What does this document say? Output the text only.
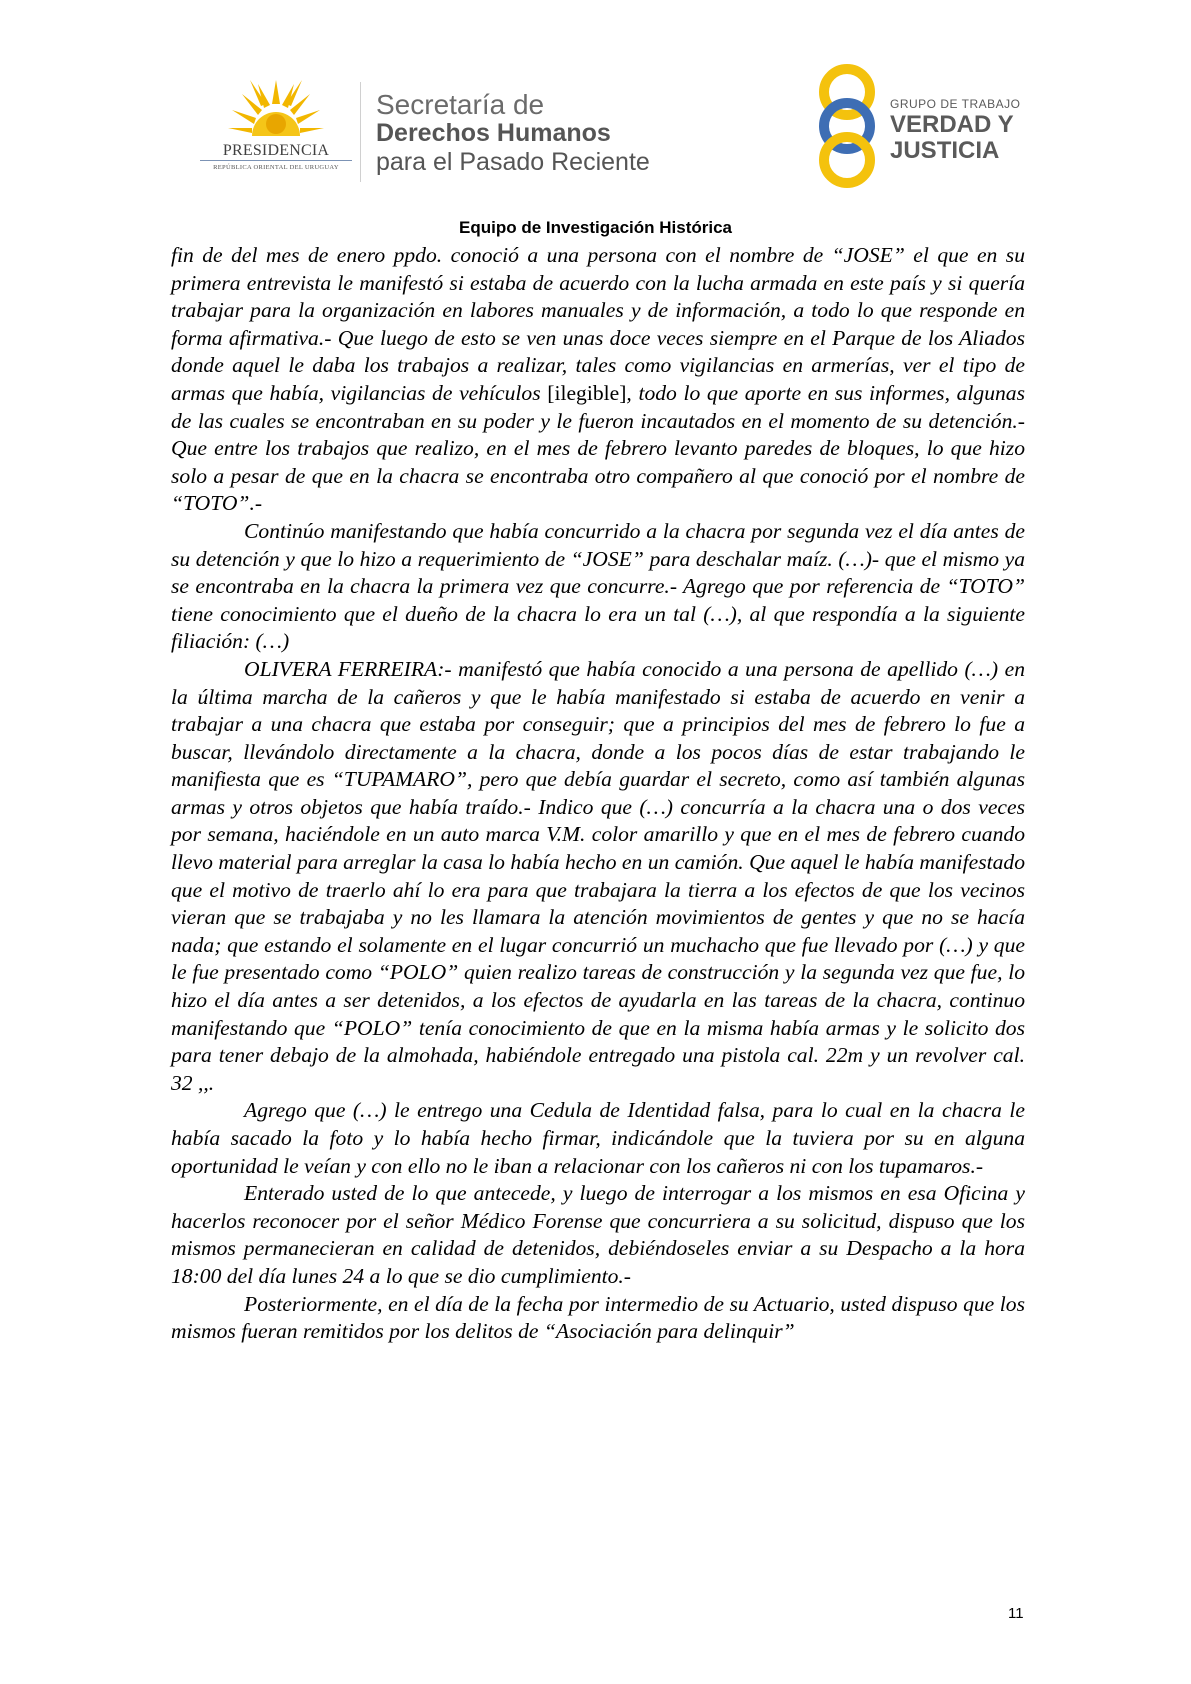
PRESIDENCIA
REPÚBLICA ORIENTAL DEL URUGUAY
Secretaría de
Derechos Humanos
para el Pasado Reciente
GRUPO DE TRABAJO
VERDAD Y
JUSTICIA
Equipo de Investigación Histórica

fin de del mes de enero ppdo. conoció a una persona con el nombre de “JOSE” el que en su primera entrevista le manifestó si estaba de acuerdo con la lucha armada en este país y si quería trabajar para la organización en labores manuales y de información, a todo lo que responde en forma afirmativa.- Que luego de esto se ven unas doce veces siempre en el Parque de los Aliados donde aquel le daba los trabajos a realizar, tales como vigilancias en armerías, ver el tipo de armas que había, vigilancias de vehículos [ilegible], todo lo que aporte en sus informes, algunas de las cuales se encontraban en su poder y le fueron incautados en el momento de su detención.- Que entre los trabajos que realizo, en el mes de febrero levanto paredes de bloques, lo que hizo solo a pesar de que en la chacra se encontraba otro compañero al que conoció por el nombre de “TOTO”.-

Continúo manifestando que había concurrido a la chacra por segunda vez el día antes de su detención y que lo hizo a requerimiento de “JOSE” para deschalar maíz. (…)- que el mismo ya se encontraba en la chacra la primera vez que concurre.- Agrego que por referencia de “TOTO” tiene conocimiento que el dueño de la chacra lo era un tal (…), al que respondía a la siguiente filiación: (…)

OLIVERA FERREIRA:- manifestó que había conocido a una persona de apellido (…) en la última marcha de la cañeros y que le había manifestado si estaba de acuerdo en venir a trabajar a una chacra que estaba por conseguir; que a principios del mes de febrero lo fue a buscar, llevándolo directamente a la chacra, donde a los pocos días de estar trabajando le manifiesta que es “TUPAMARO”, pero que debía guardar el secreto, como así también algunas armas y otros objetos que había traído.- Indico que (…) concurría a la chacra una o dos veces por semana, haciéndole en un auto marca V.M. color amarillo y que en el mes de febrero cuando llevo material para arreglar la casa lo había hecho en un camión. Que aquel le había manifestado que el motivo de traerlo ahí lo era para que trabajara la tierra a los efectos de que los vecinos vieran que se trabajaba y no les llamara la atención movimientos de gentes y que no se hacía nada; que estando el solamente en el lugar concurrió un muchacho que fue llevado por (…) y que le fue presentado como “POLO” quien realizo tareas de construcción y la segunda vez que fue, lo hizo el día antes a ser detenidos, a los efectos de ayudarla en las tareas de la chacra, continuo manifestando que “POLO” tenía conocimiento de que en la misma había armas y le solicito dos para tener debajo de la almohada, habiéndole entregado una pistola cal. 22m y un revolver cal. 32 ,,.

Agrego que (…) le entrego una Cedula de Identidad falsa, para lo cual en la chacra le había sacado la foto y lo había hecho firmar, indicándole que la tuviera por su en alguna oportunidad le veían y con ello no le iban a relacionar con los cañeros ni con los tupamaros.-

Enterado usted de lo que antecede, y luego de interrogar a los mismos en esa Oficina y hacerlos reconocer por el señor Médico Forense que concurriera a su solicitud, dispuso que los mismos permanecieran en calidad de detenidos, debiéndoseles enviar a su Despacho a la hora 18:00 del día lunes 24 a lo que se dio cumplimiento.-

Posteriormente, en el día de la fecha por intermedio de su Actuario, usted dispuso que los mismos fueran remitidos por los delitos de “Asociación para delinquir”

11
